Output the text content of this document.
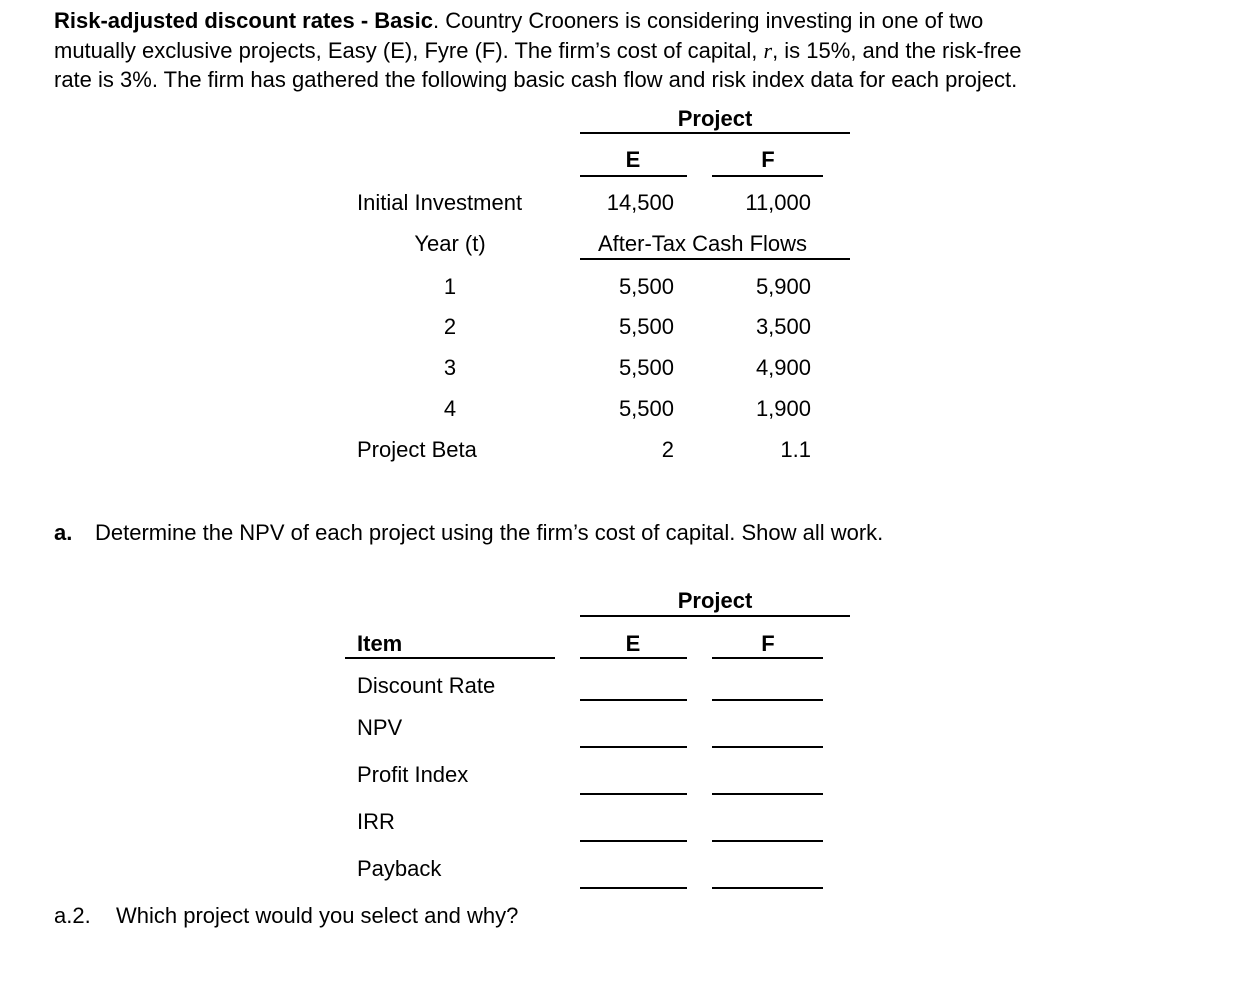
Risk-adjusted discount rates - Basic. Country Crooners is considering investing in one of two
mutually exclusive projects, Easy (E), Fyre (F). The firm’s cost of capital, r, is 15%, and the risk-free
rate is 3%. The firm has gathered the following basic cash flow and risk index data for each project.
Project
E	F
Initial Investment	14,500	11,000
Year (t)	After-Tax Cash Flows
1	5,500	5,900
2	5,500	3,500
3	5,500	4,900
4	5,500	1,900
Project Beta	2	1.1
a. Determine the NPV of each project using the firm’s cost of capital. Show all work.
Project
Item	E	F
Discount Rate
NPV
Profit Index
IRR
Payback
a.2. Which project would you select and why?
